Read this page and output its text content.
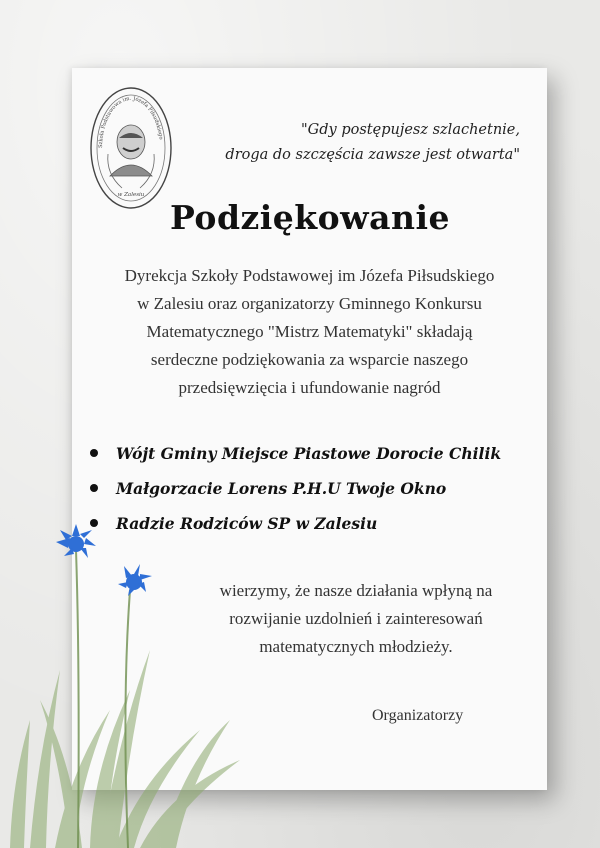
Szkoła Podstawowa im. Józefa Piłsudskiego
w Zalesiu
"Gdy postępujesz szlachetnie,
droga do szczęścia zawsze jest otwarta"
Podziękowanie
Dyrekcja Szkoły Podstawowej im Józefa Piłsudskiego
w Zalesiu oraz organizatorzy Gminnego Konkursu
Matematycznego "Mistrz Matematyki" składają
serdeczne podziękowania za wsparcie naszego
przedsięwzięcia i ufundowanie nagród
Wójt Gminy Miejsce Piastowe Dorocie Chilik
Małgorzacie Lorens P.H.U Twoje Okno
Radzie Rodziców SP w Zalesiu
wierzymy, że nasze działania wpłyną na
rozwijanie uzdolnień i zainteresowań
matematycznych młodzieży.
Organizatorzy
